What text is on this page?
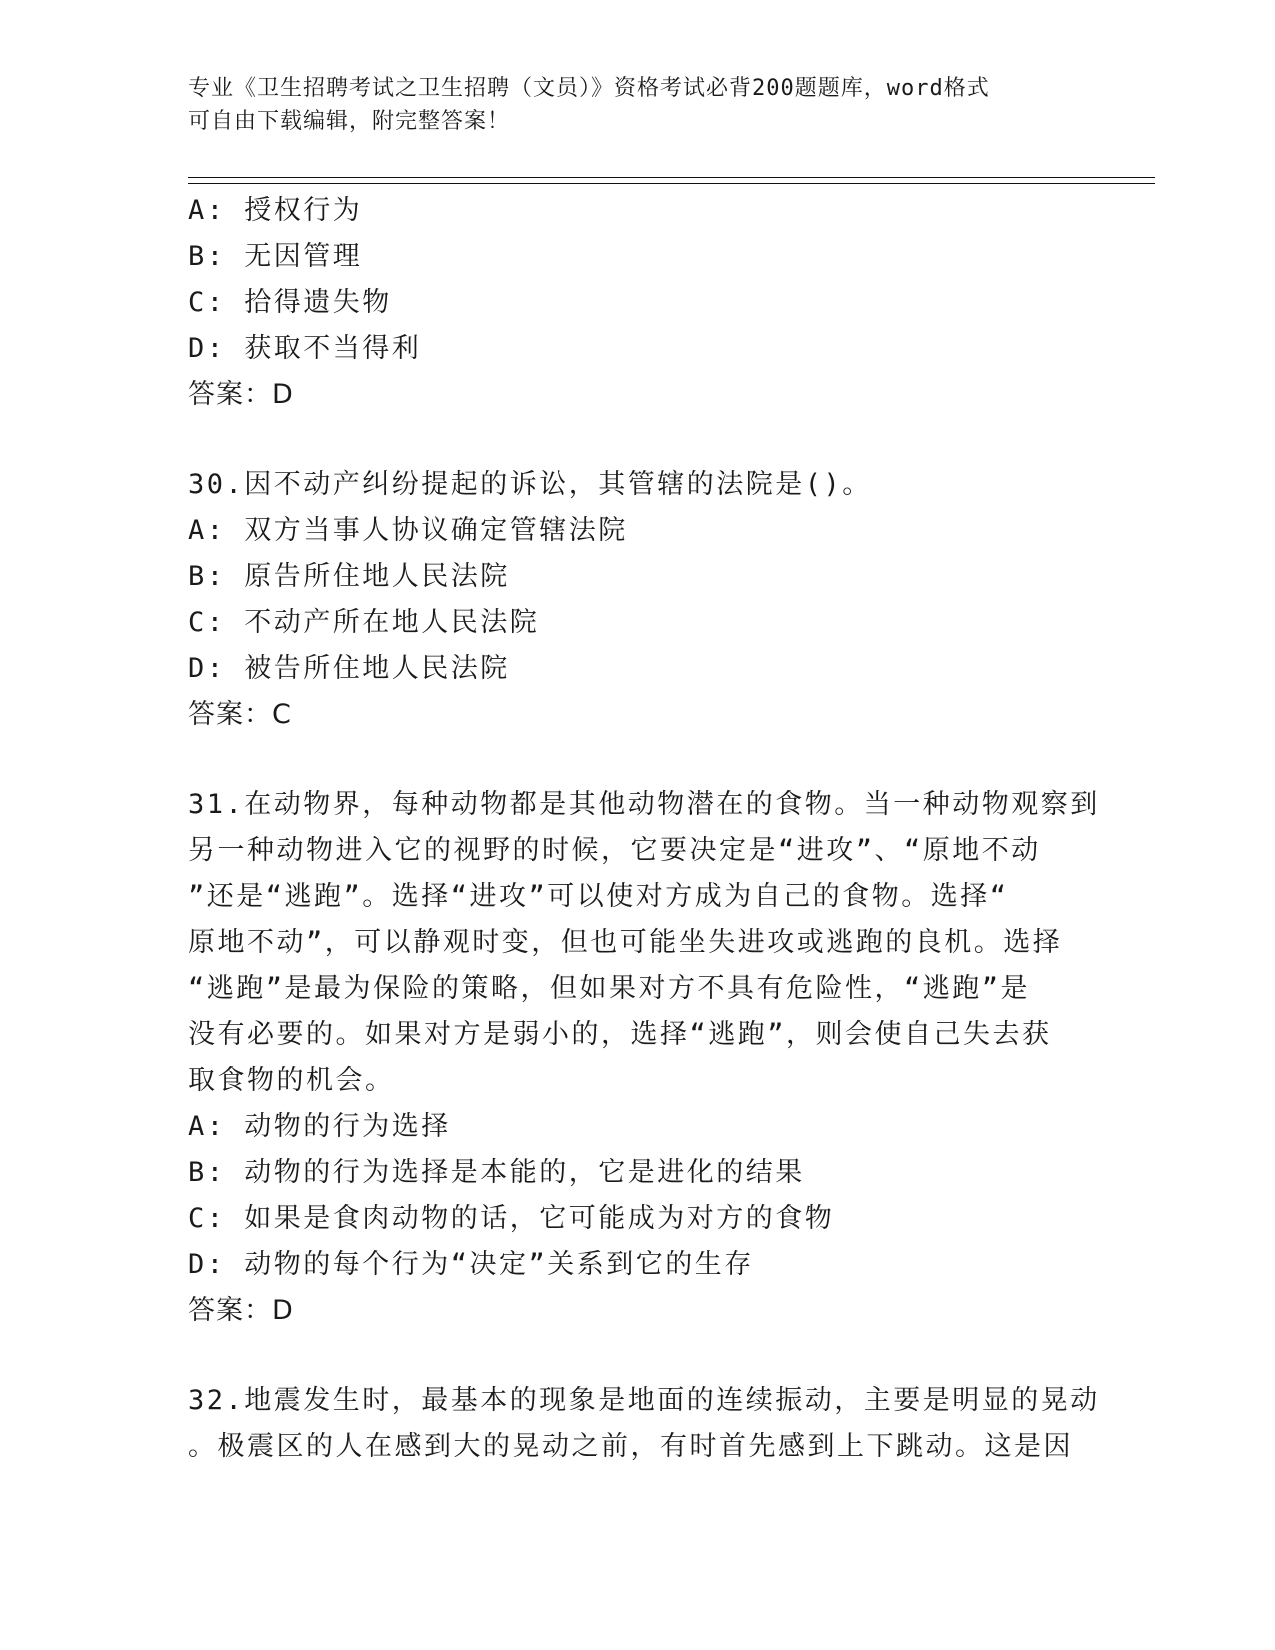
专业《卫生招聘考试之卫生招聘（文员）》资格考试必背200题题库，word格式
可自由下载编辑，附完整答案！
A: 授权行为
B: 无因管理
C: 拾得遗失物
D: 获取不当得利
答案：D
30.因不动产纠纷提起的诉讼，其管辖的法院是()。
A: 双方当事人协议确定管辖法院
B: 原告所住地人民法院
C: 不动产所在地人民法院
D: 被告所住地人民法院
答案：C
31.在动物界，每种动物都是其他动物潜在的食物。当一种动物观察到
另一种动物进入它的视野的时候，它要决定是“进攻”、“原地不动
”还是“逃跑”。选择“进攻”可以使对方成为自己的食物。选择“
原地不动”，可以静观时变，但也可能坐失进攻或逃跑的良机。选择
“逃跑”是最为保险的策略，但如果对方不具有危险性，“逃跑”是
没有必要的。如果对方是弱小的，选择“逃跑”，则会使自己失去获
取食物的机会。
A: 动物的行为选择
B: 动物的行为选择是本能的，它是进化的结果
C: 如果是食肉动物的话，它可能成为对方的食物
D: 动物的每个行为“决定”关系到它的生存
答案：D
32.地震发生时，最基本的现象是地面的连续振动，主要是明显的晃动
。极震区的人在感到大的晃动之前，有时首先感到上下跳动。这是因
